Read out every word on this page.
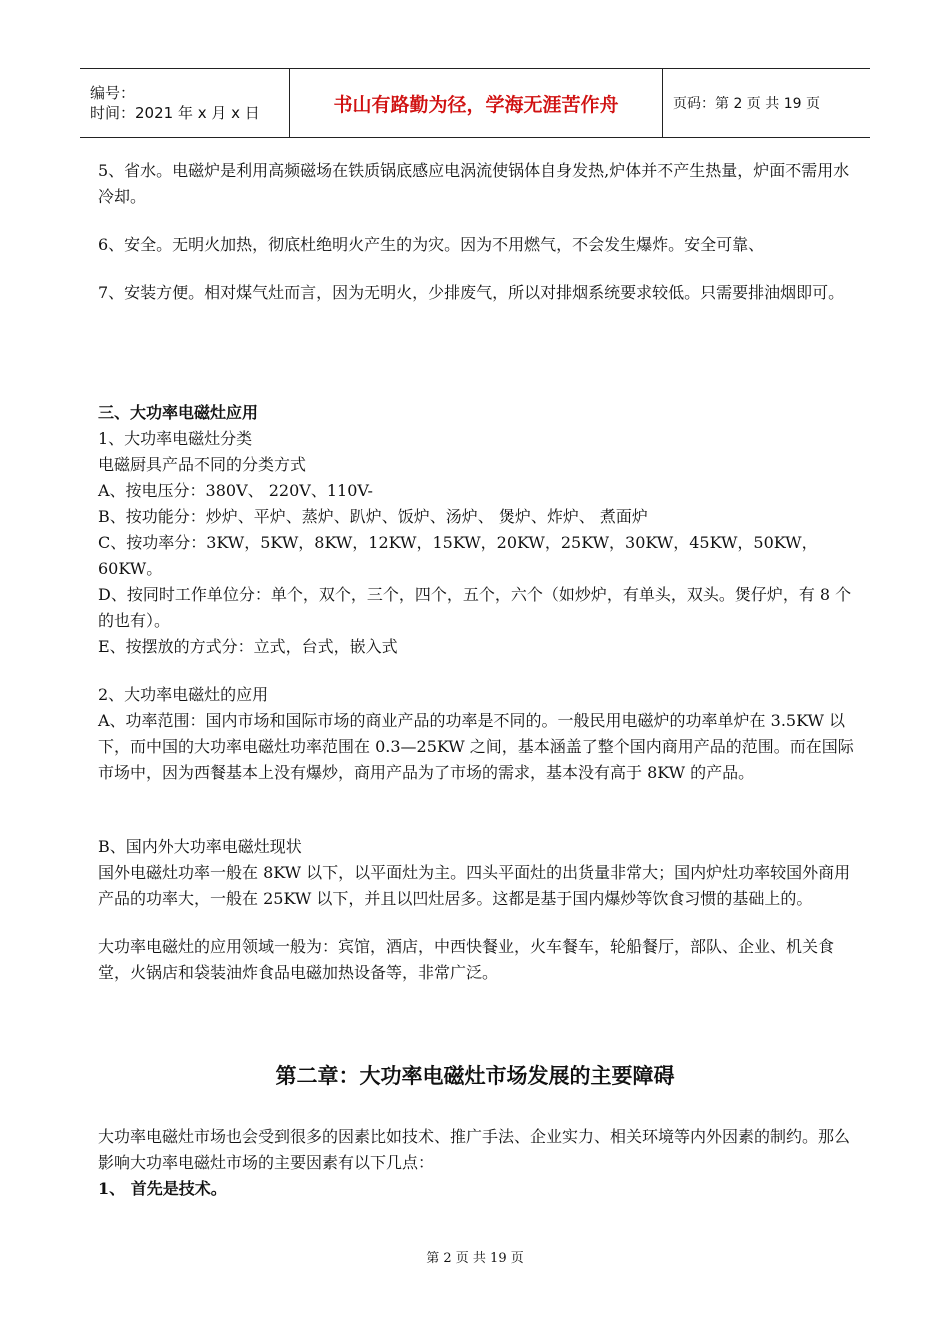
编号：
时间：2021 年 x 月 x 日	书山有路勤为径，学海无涯苦作舟	页码：第 2 页 共 19 页

5、省水。电磁炉是利用高频磁场在铁质锅底感应电涡流使锅体自身发热,炉体并不产生热量，炉面不需用水冷却。

6、安全。无明火加热，彻底杜绝明火产生的为灾。因为不用燃气，不会发生爆炸。安全可靠、

7、安装方便。相对煤气灶而言，因为无明火，少排废气，所以对排烟系统要求较低。只需要排油烟即可。

三、大功率电磁灶应用

1、大功率电磁灶分类

电磁厨具产品不同的分类方式

A、按电压分：380V、 220V、110V-

B、按功能分：炒炉、平炉、蒸炉、趴炉、饭炉、汤炉、 煲炉、炸炉、 煮面炉

C、按功率分：3KW，5KW，8KW，12KW，15KW，20KW，25KW，30KW，45KW，50KW，60KW。

D、按同时工作单位分：单个，双个，三个，四个，五个，六个（如炒炉，有单头，双头。煲仔炉，有 8 个的也有）。

E、按摆放的方式分：立式，台式，嵌入式

2、大功率电磁灶的应用

A、功率范围：国内市场和国际市场的商业产品的功率是不同的。一般民用电磁炉的功率单炉在 3.5KW 以下，而中国的大功率电磁灶功率范围在 0.3—25KW 之间，基本涵盖了整个国内商用产品的范围。而在国际市场中，因为西餐基本上没有爆炒，商用产品为了市场的需求，基本没有高于 8KW 的产品。

B、国内外大功率电磁灶现状

国外电磁灶功率一般在 8KW 以下，以平面灶为主。四头平面灶的出货量非常大；国内炉灶功率较国外商用产品的功率大，一般在 25KW 以下，并且以凹灶居多。这都是基于国内爆炒等饮食习惯的基础上的。

大功率电磁灶的应用领域一般为：宾馆，酒店，中西快餐业，火车餐车，轮船餐厅，部队、企业、机关食堂，火锅店和袋装油炸食品电磁加热设备等，非常广泛。

第二章：大功率电磁灶市场发展的主要障碍

大功率电磁灶市场也会受到很多的因素比如技术、推广手法、企业实力、相关环境等内外因素的制约。那么影响大功率电磁灶市场的主要因素有以下几点：

1、 首先是技术。

第 2 页 共 19 页
